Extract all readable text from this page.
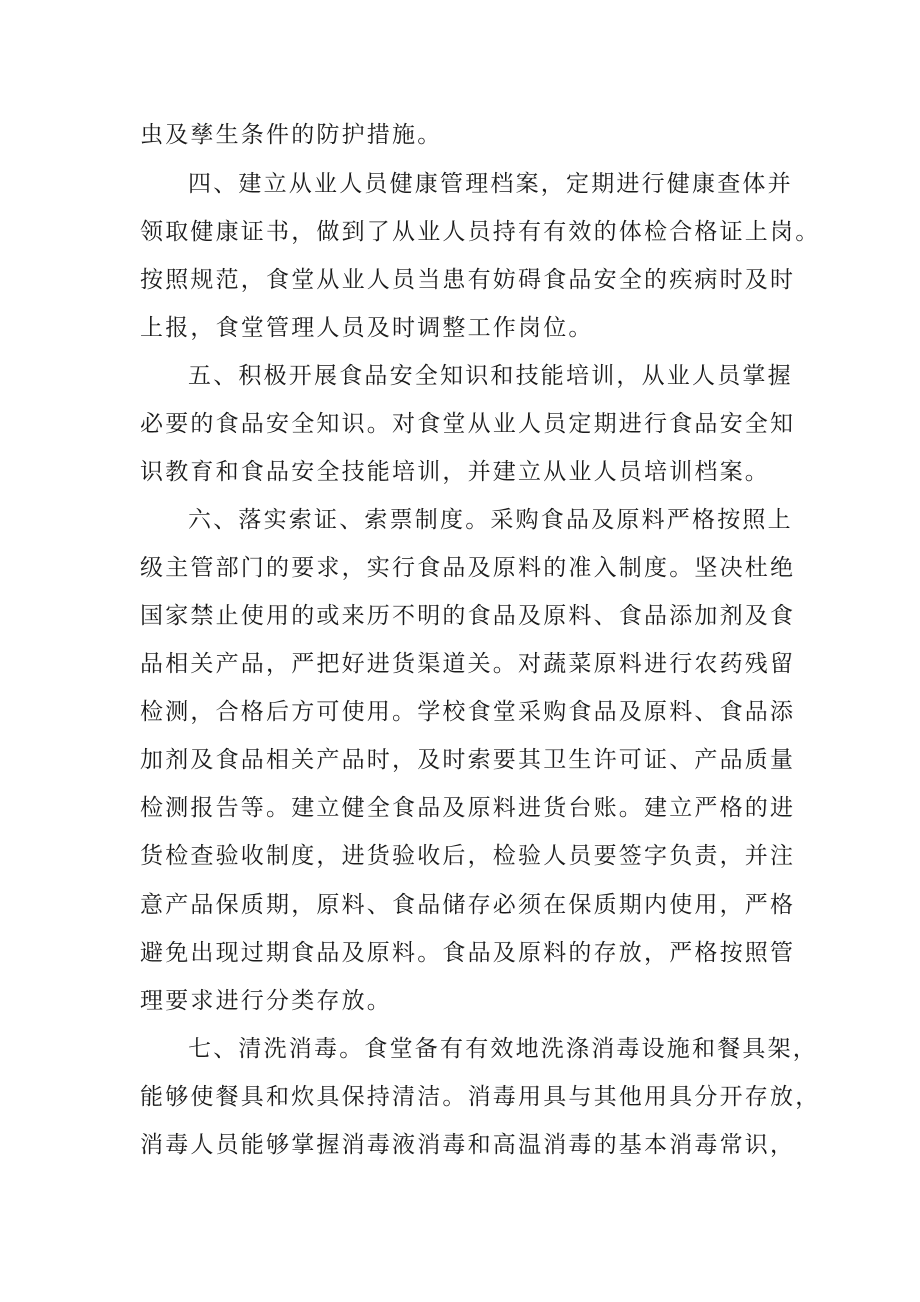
虫及孳生条件的防护措施。
四、建立从业人员健康管理档案，定期进行健康查体并
领取健康证书，做到了从业人员持有有效的体检合格证上岗。
按照规范，食堂从业人员当患有妨碍食品安全的疾病时及时
上报，食堂管理人员及时调整工作岗位。
五、积极开展食品安全知识和技能培训，从业人员掌握
必要的食品安全知识。对食堂从业人员定期进行食品安全知
识教育和食品安全技能培训，并建立从业人员培训档案。
六、落实索证、索票制度。采购食品及原料严格按照上
级主管部门的要求，实行食品及原料的准入制度。坚决杜绝
国家禁止使用的或来历不明的食品及原料、食品添加剂及食
品相关产品，严把好进货渠道关。对蔬菜原料进行农药残留
检测，合格后方可使用。学校食堂采购食品及原料、食品添
加剂及食品相关产品时，及时索要其卫生许可证、产品质量
检测报告等。建立健全食品及原料进货台账。建立严格的进
货检查验收制度，进货验收后，检验人员要签字负责，并注
意产品保质期，原料、食品储存必须在保质期内使用，严格
避免出现过期食品及原料。食品及原料的存放，严格按照管
理要求进行分类存放。
七、清洗消毒。食堂备有有效地洗涤消毒设施和餐具架，
能够使餐具和炊具保持清洁。消毒用具与其他用具分开存放，
消毒人员能够掌握消毒液消毒和高温消毒的基本消毒常识，
